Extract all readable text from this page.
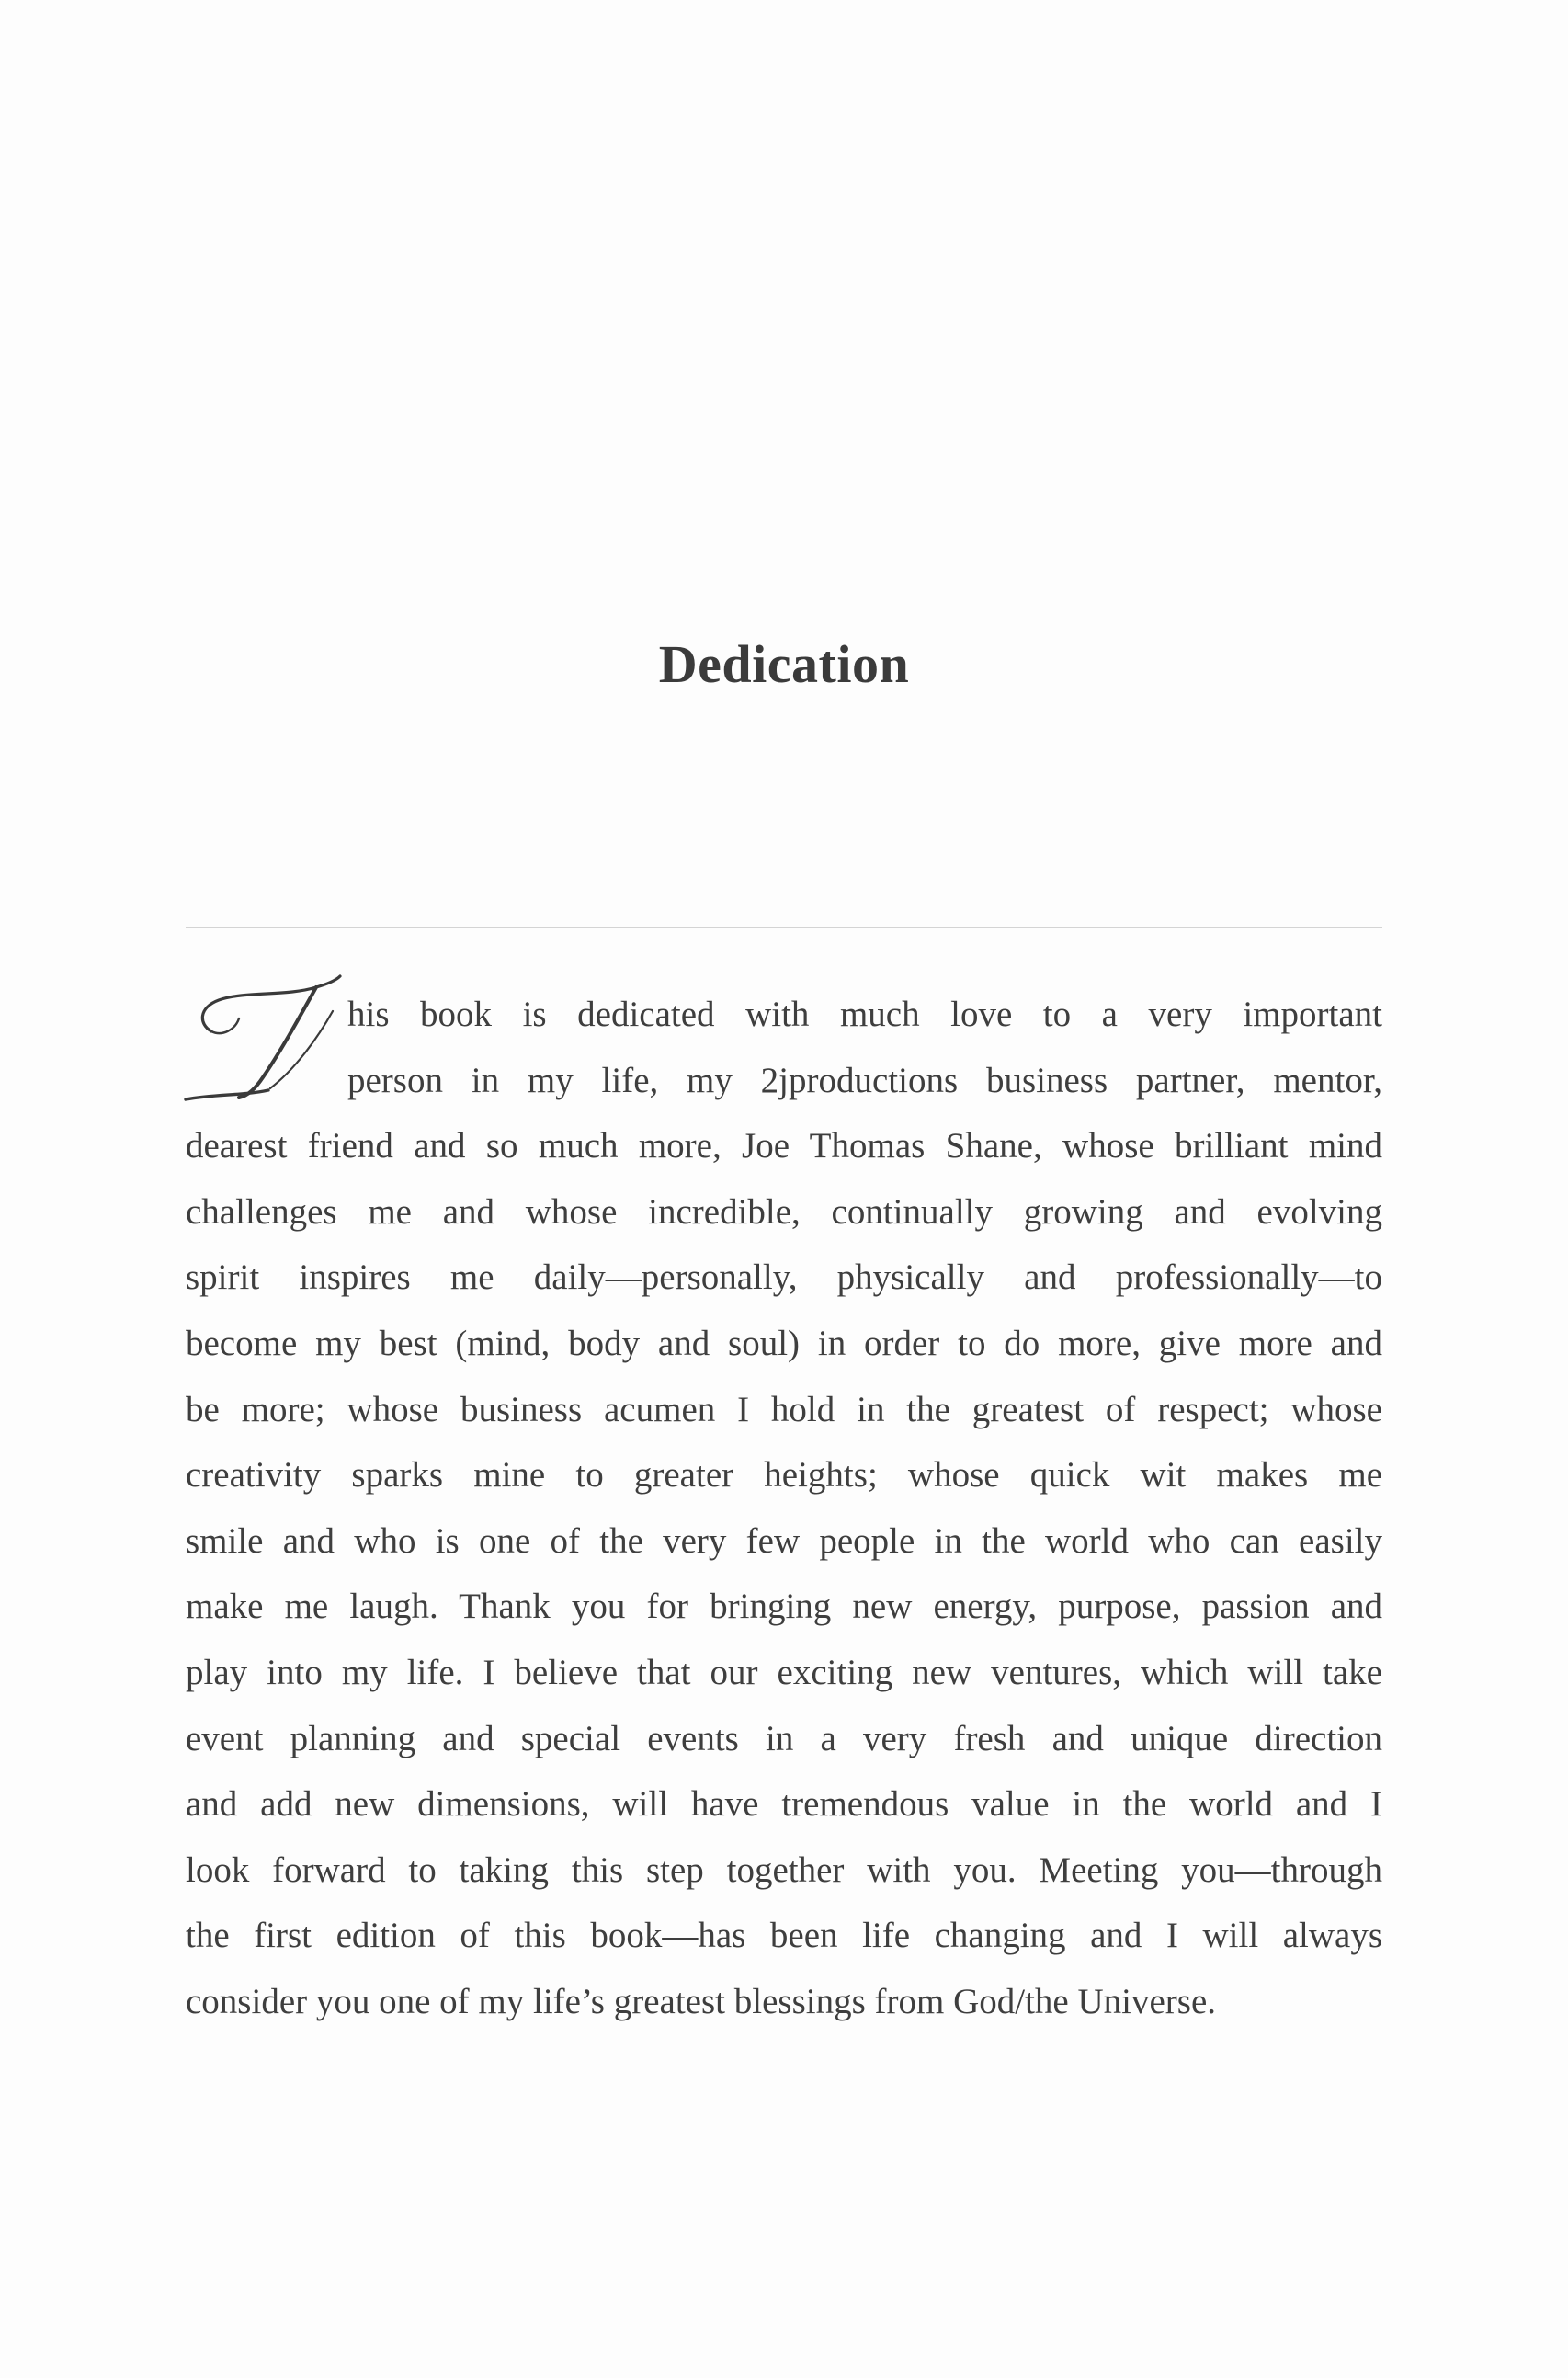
Dedication
T
his book is dedicated with much love to a very important
person in my life, my 2jproductions business partner, mentor,
dearest friend and so much more, Joe Thomas Shane, whose brilliant mind
challenges me and whose incredible, continually growing and evolving
spirit inspires me daily—personally, physically and professionally—to
become my best (mind, body and soul) in order to do more, give more and
be more; whose business acumen I hold in the greatest of respect; whose
creativity sparks mine to greater heights; whose quick wit makes me
smile and who is one of the very few people in the world who can easily
make me laugh. Thank you for bringing new energy, purpose, passion and
play into my life. I believe that our exciting new ventures, which will take
event planning and special events in a very fresh and unique direction
and add new dimensions, will have tremendous value in the world and I
look forward to taking this step together with you. Meeting you—through
the first edition of this book—has been life changing and I will always
consider you one of my life’s greatest blessings from God/the Universe.
